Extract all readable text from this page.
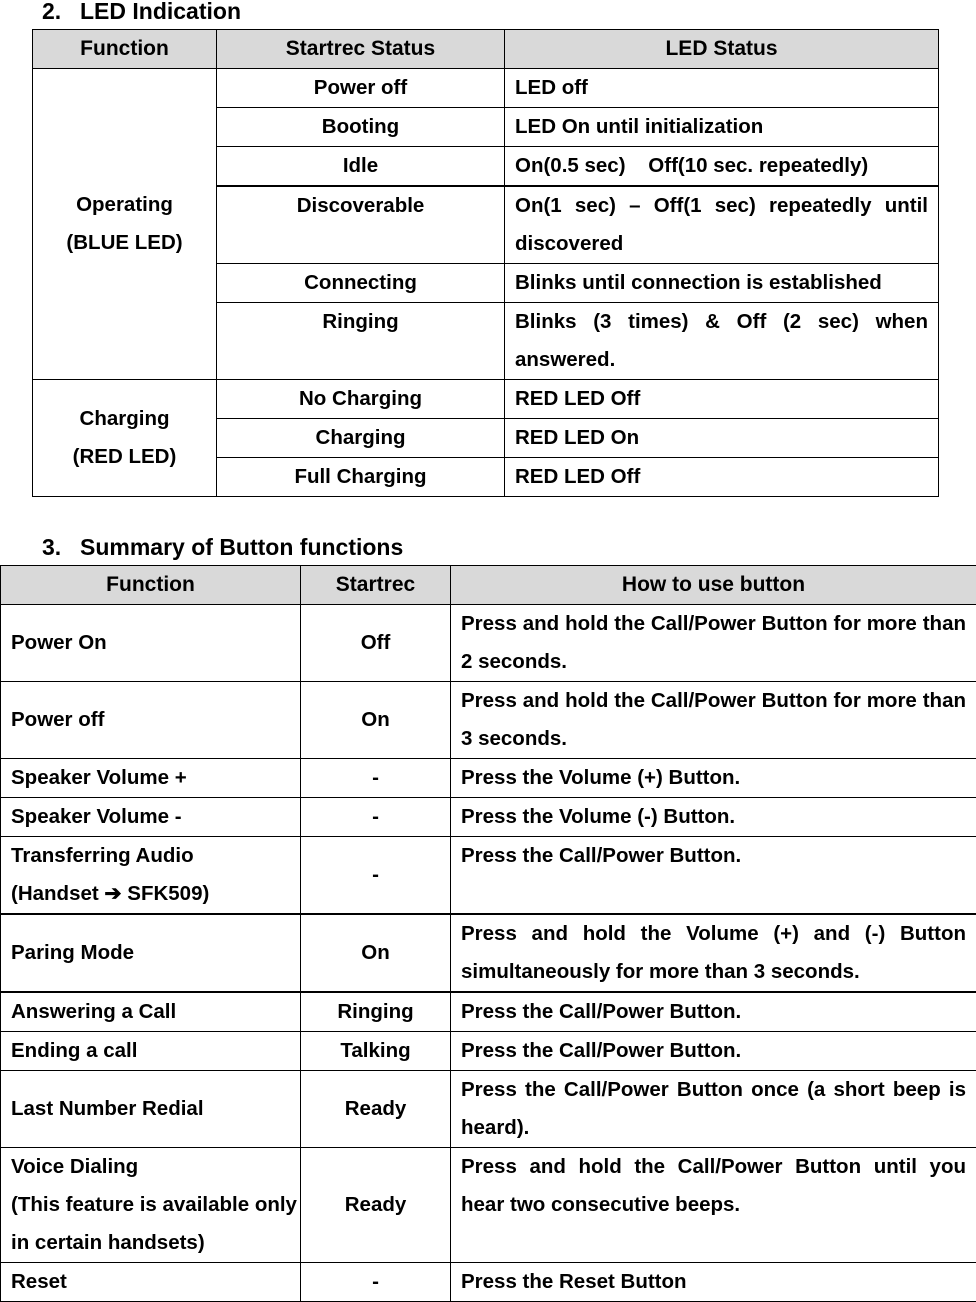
2. LED Indication
Function	Startrec Status	LED Status
Operating
(BLUE LED)	Power off	LED off
	Booting	LED On until initialization
	Idle	On(0.5 sec)    Off(10 sec. repeatedly)
	Discoverable	On(1 sec) – Off(1 sec) repeatedly until discovered
	Connecting	Blinks until connection is established
	Ringing	Blinks (3 times) & Off (2 sec) when answered.
Charging
(RED LED)	No Charging	RED LED Off
	Charging	RED LED On
	Full Charging	RED LED Off
3. Summary of Button functions
Function	Startrec	How to use button
Power On	Off	Press and hold the Call/Power Button for more than 2 seconds.
Power off	On	Press and hold the Call/Power Button for more than 3 seconds.
Speaker Volume +	-	Press the Volume (+) Button.
Speaker Volume -	-	Press the Volume (-) Button.
Transferring Audio
(Handset ➔ SFK509)	-	Press the Call/Power Button.
Paring Mode	On	Press and hold the Volume (+) and (-) Button simultaneously for more than 3 seconds.
Answering a Call	Ringing	Press the Call/Power Button.
Ending a call	Talking	Press the Call/Power Button.
Last Number Redial	Ready	Press the Call/Power Button once (a short beep is heard).
Voice Dialing
(This feature is available only in certain handsets)	Ready	Press and hold the Call/Power Button until you hear two consecutive beeps.
Reset	-	Press the Reset Button
